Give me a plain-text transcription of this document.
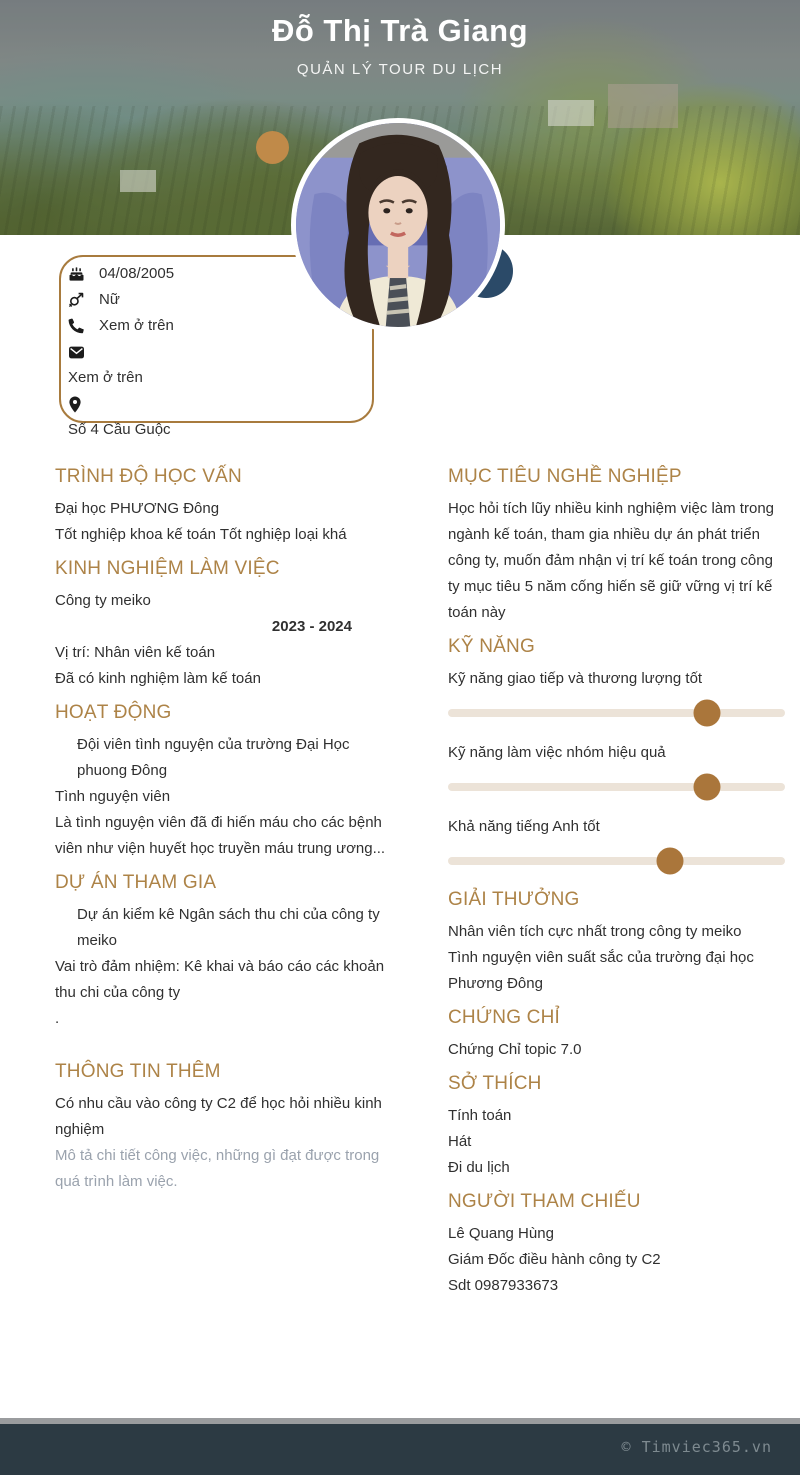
Đỗ Thị Trà Giang
QUẢN LÝ TOUR DU LỊCH
04/08/2005
Nữ
Xem ở trên
Xem ở trên
Số 4 Cầu Guộc
TRÌNH ĐỘ HỌC VẤN

Đại học PHƯƠNG Đông

Tốt nghiệp khoa kế toán Tốt nghiệp loại khá

KINH NGHIỆM LÀM VIỆC

Công ty meiko

2023 - 2024

Vị trí: Nhân viên kế toán

Đã có kinh nghiệm làm kế toán

HOẠT ĐỘNG

Đội viên tình nguyện của trường Đại Học phuong Đông

Tình nguyện viên

Là tình nguyện viên đã đi hiến máu cho các bệnh viên như viện huyết học truyền máu trung ương...

DỰ ÁN THAM GIA

Dự án kiểm kê Ngân sách thu chi của công ty meiko

Vai trò đảm nhiệm: Kê khai và báo cáo các khoản thu chi của công ty

.

THÔNG TIN THÊM

Có nhu cầu vào công ty C2 để học hỏi nhiều kinh nghiệm

Mô tả chi tiết công việc, những gì đạt được trong quá trình làm việc.

MỤC TIÊU NGHỀ NGHIỆP

Học hỏi tích lũy nhiều kinh nghiệm việc làm trong ngành kế toán, tham gia nhiều dự án phát triển công ty, muốn đảm nhận vị trí kế toán trong công ty mục tiêu 5 năm cống hiến sẽ giữ vững vị trí kế toán này

KỸ NĂNG

Kỹ năng giao tiếp và thương lượng tốt

Kỹ năng làm việc nhóm hiệu quả

Khả năng tiếng Anh tốt

GIẢI THƯỞNG

Nhân viên tích cực nhất trong công ty meiko

Tình nguyện viên suất sắc của trường đại học Phương Đông

CHỨNG CHỈ

Chứng Chỉ topic 7.0

SỞ THÍCH

Tính toán

Hát

Đi du lịch

NGƯỜI THAM CHIẾU

Lê Quang Hùng

Giám Đốc điều hành công ty C2

Sdt 0987933673

© Timviec365.vn
